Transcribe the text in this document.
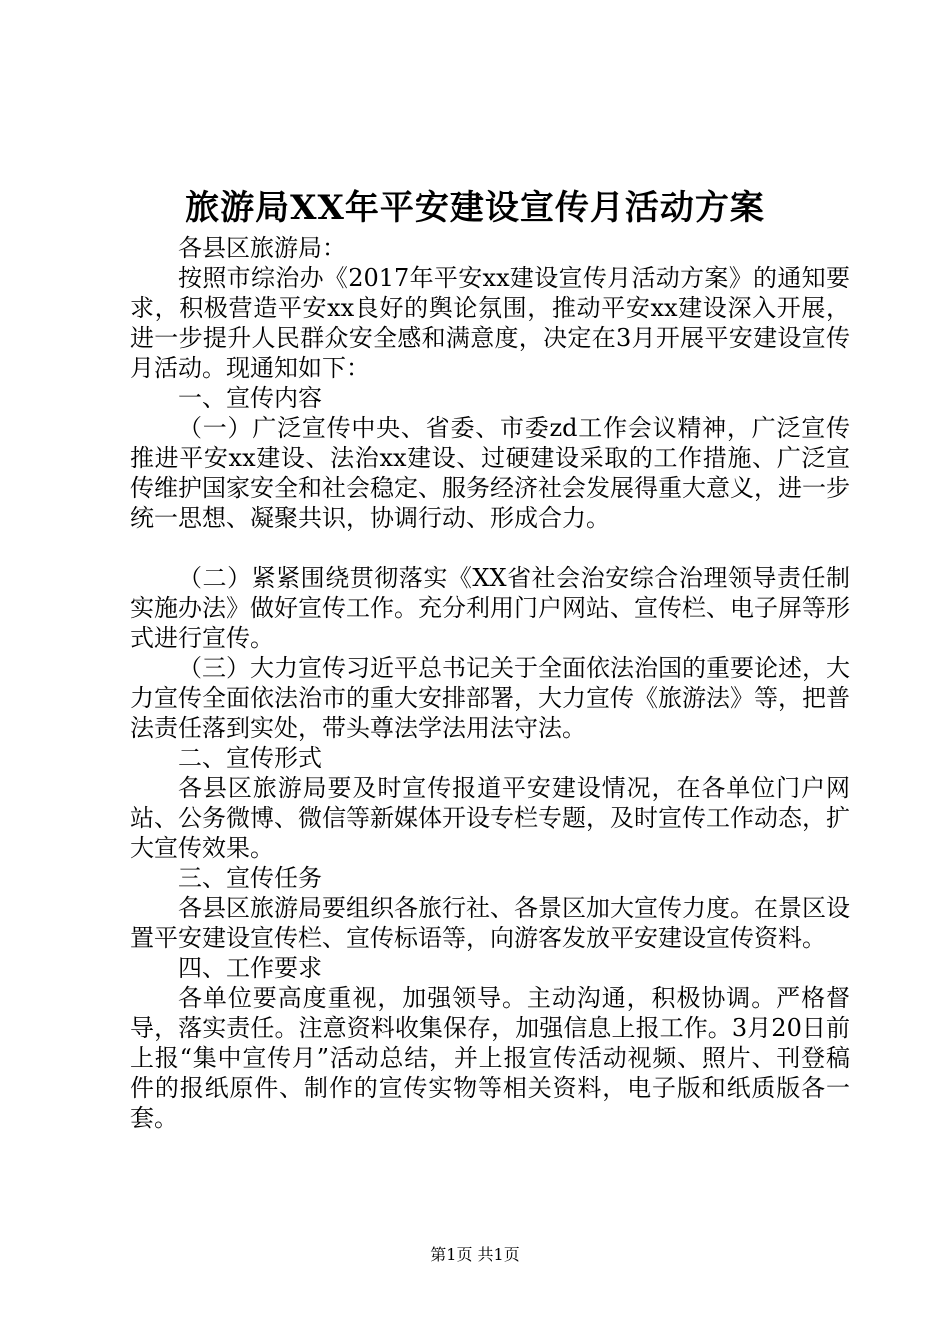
旅游局XX年平安建设宣传月活动方案

各县区旅游局：

按照市综治办《2017年平安xx建设宣传月活动方案》的通知要求，积极营造平安xx良好的舆论氛围，推动平安xx建设深入开展，进一步提升人民群众安全感和满意度，决定在3月开展平安建设宣传月活动。现通知如下：

一、宣传内容

（一）广泛宣传中央、省委、市委zd工作会议精神，广泛宣传推进平安xx建设、法治xx建设、过硬建设采取的工作措施、广泛宣传维护国家安全和社会稳定、服务经济社会发展得重大意义，进一步统一思想、凝聚共识，协调行动、形成合力。

（二）紧紧围绕贯彻落实《XX省社会治安综合治理领导责任制实施办法》做好宣传工作。充分利用门户网站、宣传栏、电子屏等形式进行宣传。

（三）大力宣传习近平总书记关于全面依法治国的重要论述，大力宣传全面依法治市的重大安排部署，大力宣传《旅游法》等，把普法责任落到实处，带头尊法学法用法守法。

二、宣传形式

各县区旅游局要及时宣传报道平安建设情况，在各单位门户网站、公务微博、微信等新媒体开设专栏专题，及时宣传工作动态，扩大宣传效果。

三、宣传任务

各县区旅游局要组织各旅行社、各景区加大宣传力度。在景区设置平安建设宣传栏、宣传标语等，向游客发放平安建设宣传资料。

四、工作要求

各单位要高度重视，加强领导。主动沟通，积极协调。严格督导，落实责任。注意资料收集保存，加强信息上报工作。3月20日前上报“集中宣传月”活动总结，并上报宣传活动视频、照片、刊登稿件的报纸原件、制作的宣传实物等相关资料，电子版和纸质版各一套。

第1页 共1页
